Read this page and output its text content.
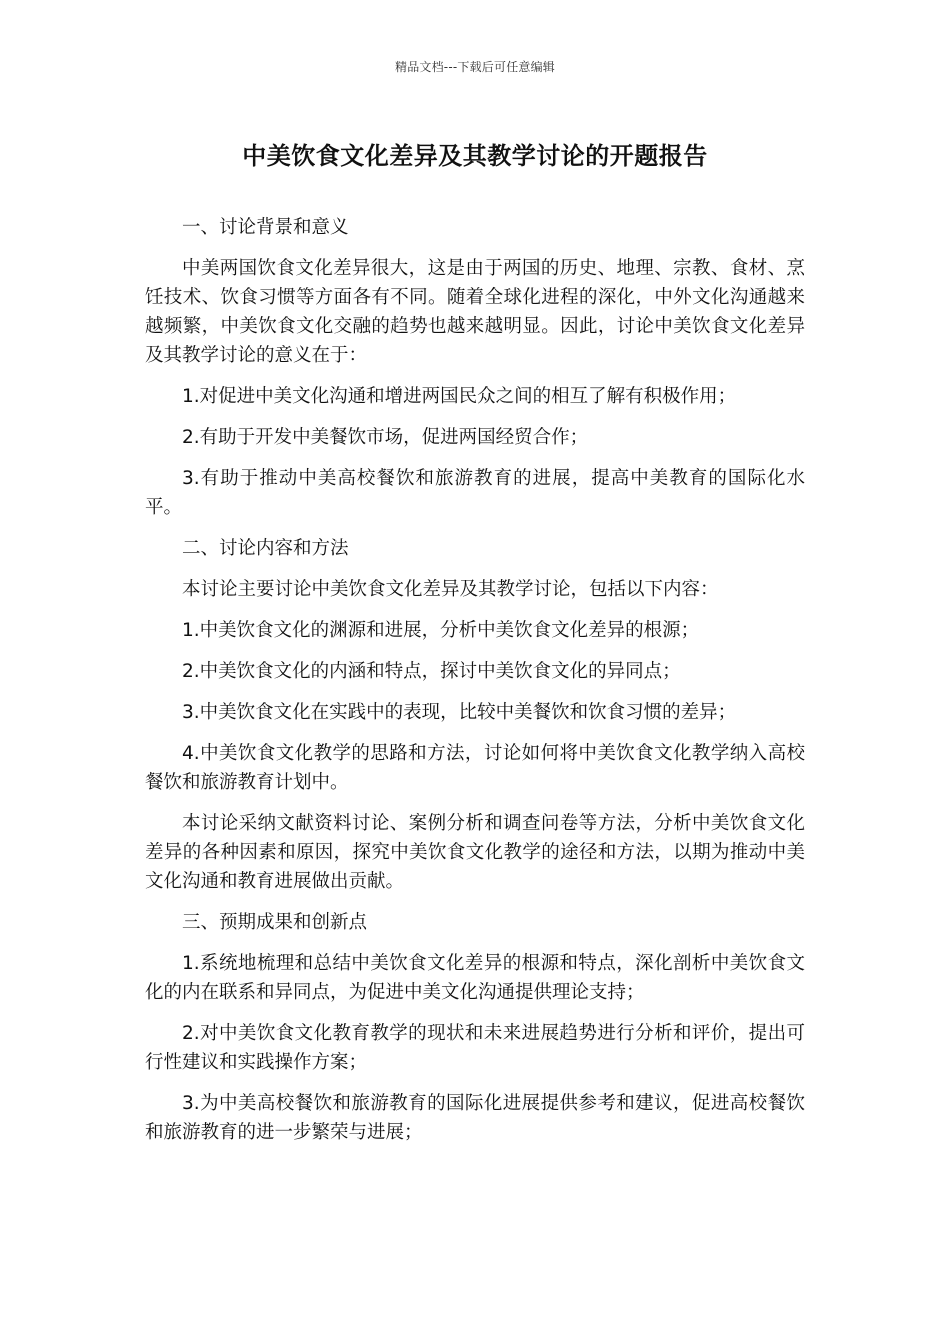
精品文档---下载后可任意编辑
中美饮食文化差异及其教学讨论的开题报告

一、讨论背景和意义

中美两国饮食文化差异很大，这是由于两国的历史、地理、宗教、食材、烹饪技术、饮食习惯等方面各有不同。随着全球化进程的深化，中外文化沟通越来越频繁，中美饮食文化交融的趋势也越来越明显。因此，讨论中美饮食文化差异及其教学讨论的意义在于：

1.对促进中美文化沟通和增进两国民众之间的相互了解有积极作用；

2.有助于开发中美餐饮市场，促进两国经贸合作；

3.有助于推动中美高校餐饮和旅游教育的进展，提高中美教育的国际化水平。

二、讨论内容和方法

本讨论主要讨论中美饮食文化差异及其教学讨论，包括以下内容：

1.中美饮食文化的渊源和进展，分析中美饮食文化差异的根源；

2.中美饮食文化的内涵和特点，探讨中美饮食文化的异同点；

3.中美饮食文化在实践中的表现，比较中美餐饮和饮食习惯的差异；

4.中美饮食文化教学的思路和方法，讨论如何将中美饮食文化教学纳入高校餐饮和旅游教育计划中。

本讨论采纳文献资料讨论、案例分析和调查问卷等方法，分析中美饮食文化差异的各种因素和原因，探究中美饮食文化教学的途径和方法，以期为推动中美文化沟通和教育进展做出贡献。

三、预期成果和创新点

1.系统地梳理和总结中美饮食文化差异的根源和特点，深化剖析中美饮食文化的内在联系和异同点，为促进中美文化沟通提供理论支持；

2.对中美饮食文化教育教学的现状和未来进展趋势进行分析和评价，提出可行性建议和实践操作方案；

3.为中美高校餐饮和旅游教育的国际化进展提供参考和建议，促进高校餐饮和旅游教育的进一步繁荣与进展；
